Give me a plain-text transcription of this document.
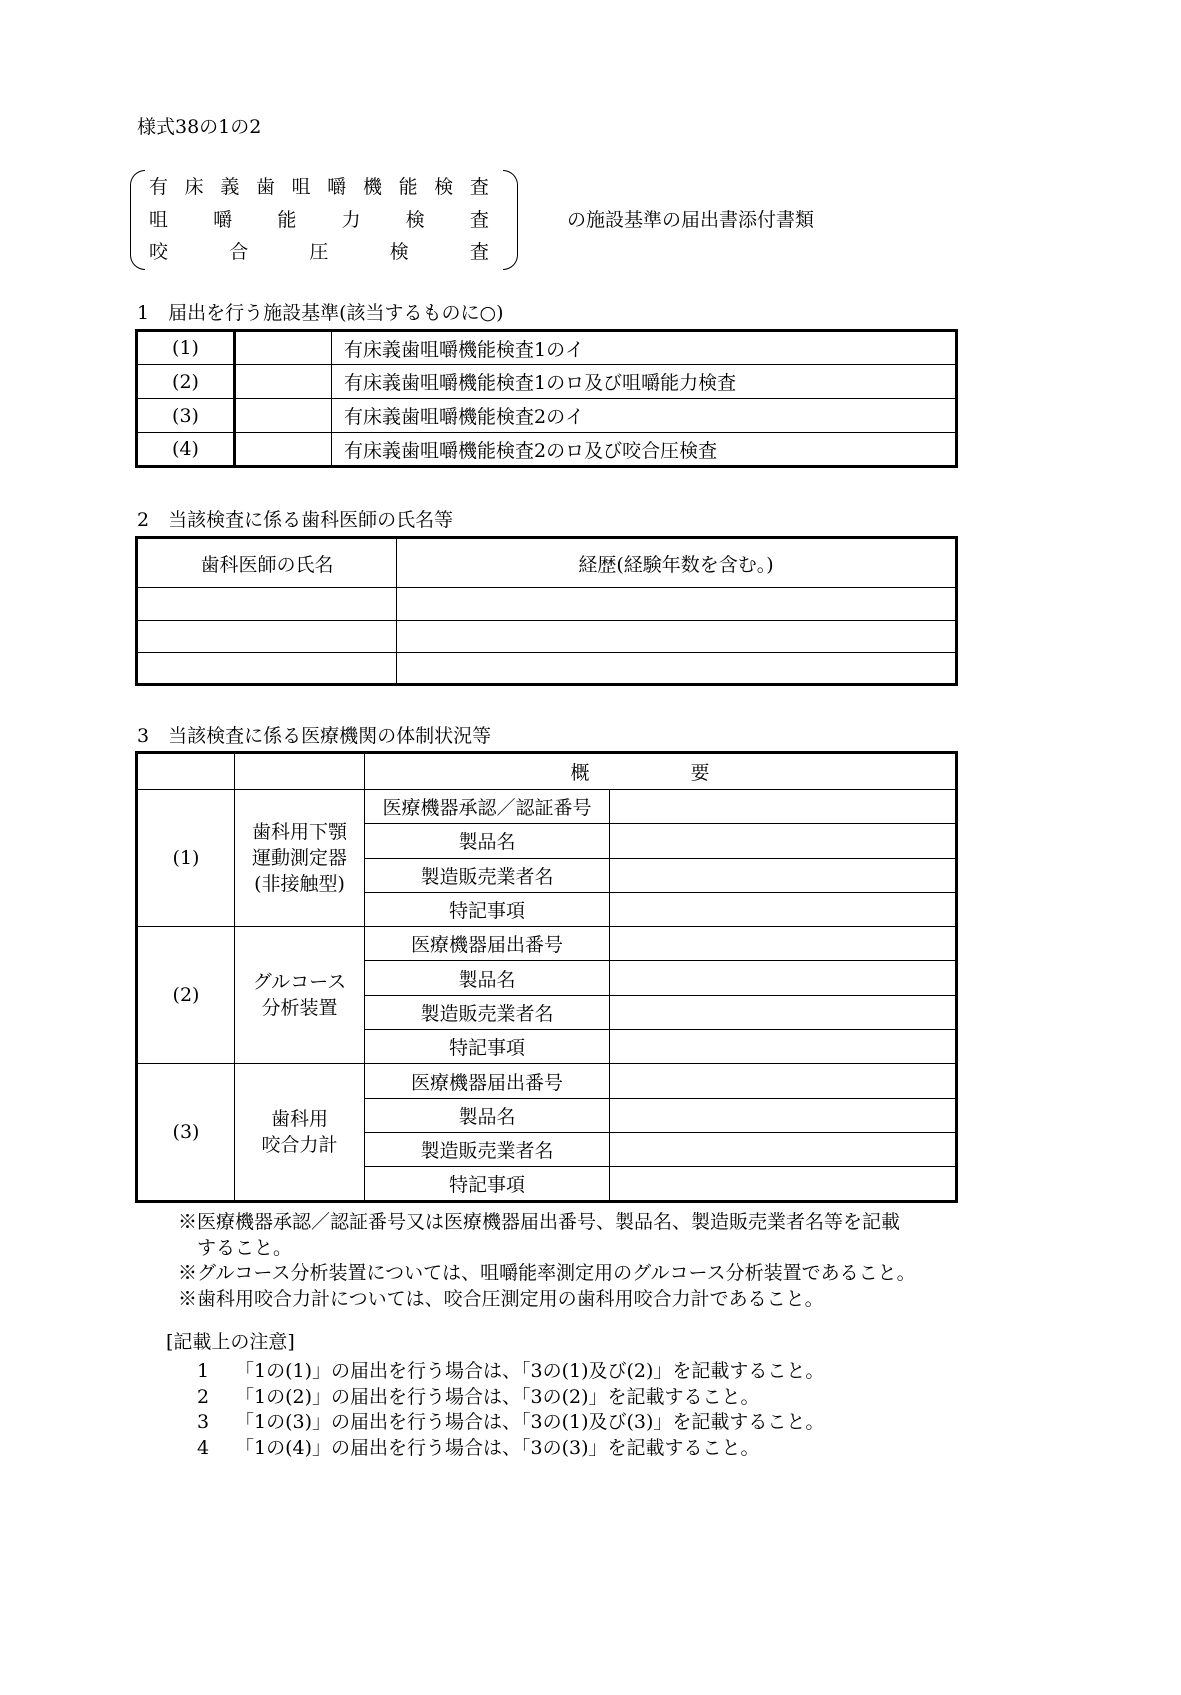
様式38の1の2
有 床 義 歯 咀 嚼 機 能 検 査
咀 嚼 能 力 検 査
咬	合	圧	検	査
の施設基準の届出書添付書類
1　届出を行う施設基準(該当するものに○)
(1)		有床義歯咀嚼機能検査1のイ
(2)		有床義歯咀嚼機能検査1のロ及び咀嚼能力検査
(3)		有床義歯咀嚼機能検査2のイ
(4)		有床義歯咀嚼機能検査2のロ及び咬合圧検査
2　当該検査に係る歯科医師の氏名等
歯科医師の氏名	経歴(経験年数を含む。)

3　当該検査に係る医療機関の体制状況等
		概 要	
(1)	歯科用下顎
運動測定器
(非接触型)	医療機器承認／認証番号	
		製品名	
		製造販売業者名	
		特記事項	
(2)	グルコース
分析装置	医療機器届出番号	
		製品名	
		製造販売業者名	
		特記事項	
(3)	歯科用
咬合力計	医療機器届出番号	
		製品名	
		製造販売業者名	
		特記事項	
※医療機器承認／認証番号又は医療機器届出番号、製品名、製造販売業者名等を記載
　すること。
※グルコース分析装置については、咀嚼能率測定用のグルコース分析装置であること。
※歯科用咬合力計については、咬合圧測定用の歯科用咬合力計であること。
[記載上の注意]
1 「1の(1)」の届出を行う場合は、「3の(1)及び(2)」を記載すること。
2 「1の(2)」の届出を行う場合は、「3の(2)」を記載すること。
3 「1の(3)」の届出を行う場合は、「3の(1)及び(3)」を記載すること。
4 「1の(4)」の届出を行う場合は、「3の(3)」を記載すること。
